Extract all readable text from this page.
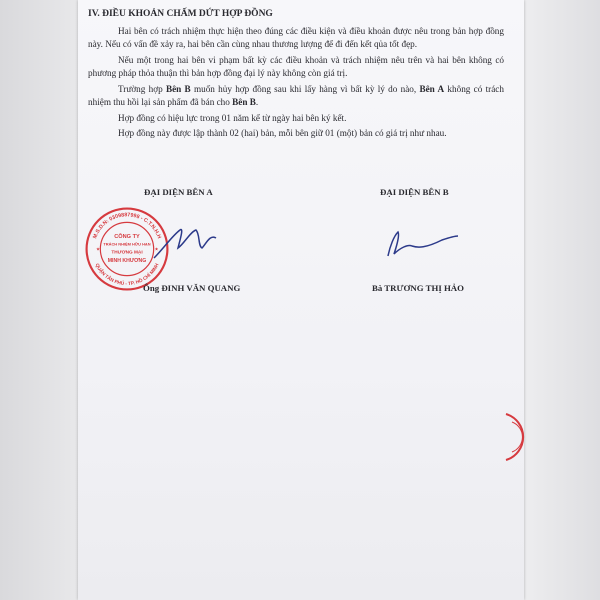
IV. ĐIỀU KHOẢN CHẤM DỨT HỢP ĐỒNG

Hai bên có trách nhiệm thực hiện theo đúng các điều kiện và điều khoản được nêu trong bản hợp đồng này. Nếu có vấn đề xảy ra, hai bên cần cùng nhau thương lượng để đi đến kết qủa tốt đẹp.

Nếu một trong hai bên vi phạm bất kỳ các điều khoản và trách nhiệm nêu trên và hai bên không có phương pháp thỏa thuận thì bản hợp đồng đại lý này không còn giá trị.

Trường hợp Bên B muốn hủy hợp đồng sau khi lấy hàng vì bất kỳ lý do nào, Bên A không có trách nhiệm thu hồi lại sản phẩm đã bán cho Bên B.

Hợp đồng có hiệu lực trong 01 năm kể từ ngày hai bên ký kết.

Hợp đồng này được lập thành 02 (hai) bản, mỗi bên giữ 01 (một) bản có giá trị như nhau.

ĐẠI DIỆN BÊN A	ĐẠI DIỆN BÊN B
M.S.D.N: 0309887998 - C.T.N.H.H
QUẬN TÂN PHÚ - TP. HỒ CHÍ MINH
CÔNG TY
TRÁCH NHIỆM HỮU HẠN
THƯƠNG MẠI
MINH KHƯƠNG
★	★
Ông ĐINH VĂN QUANG	Bà TRƯƠNG THỊ HẢO
